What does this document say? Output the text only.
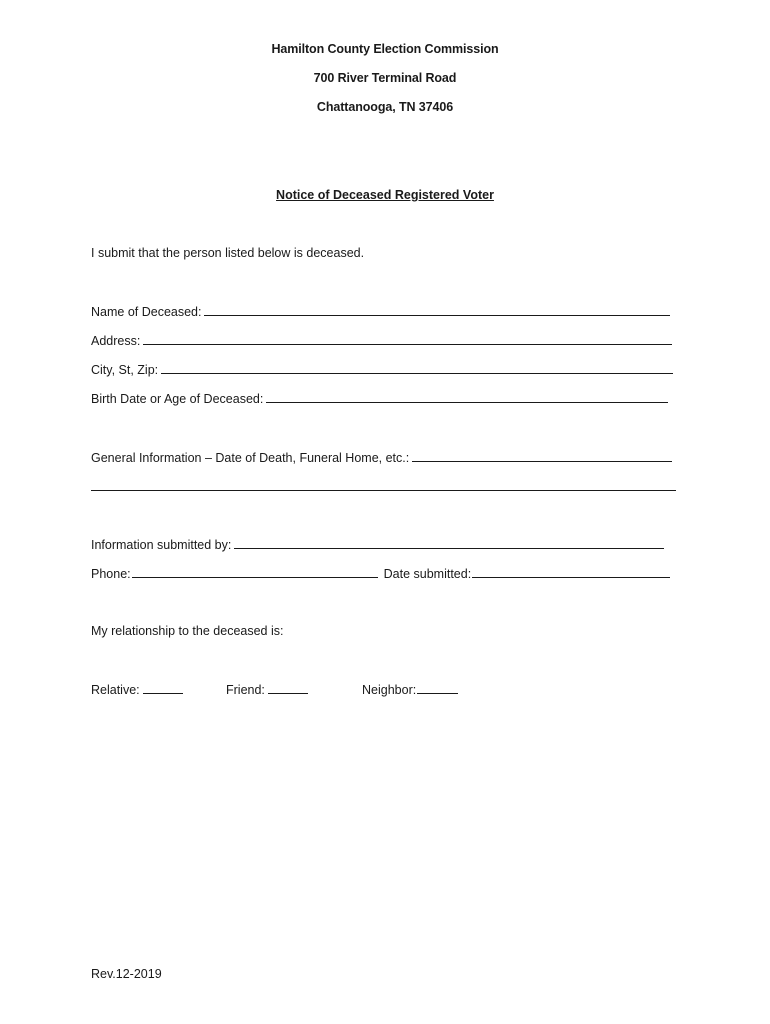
Hamilton County Election Commission
700 River Terminal Road
Chattanooga, TN 37406
Notice of Deceased Registered Voter
I submit that the person listed below is deceased.
Name of Deceased:
Address:
City, St, Zip:
Birth Date or Age of Deceased:
General Information – Date of Death, Funeral Home, etc.:
Information submitted by:
Phone:	Date submitted:
My relationship to the deceased is:
Relative:	Friend:	Neighbor:
Rev.12-2019
